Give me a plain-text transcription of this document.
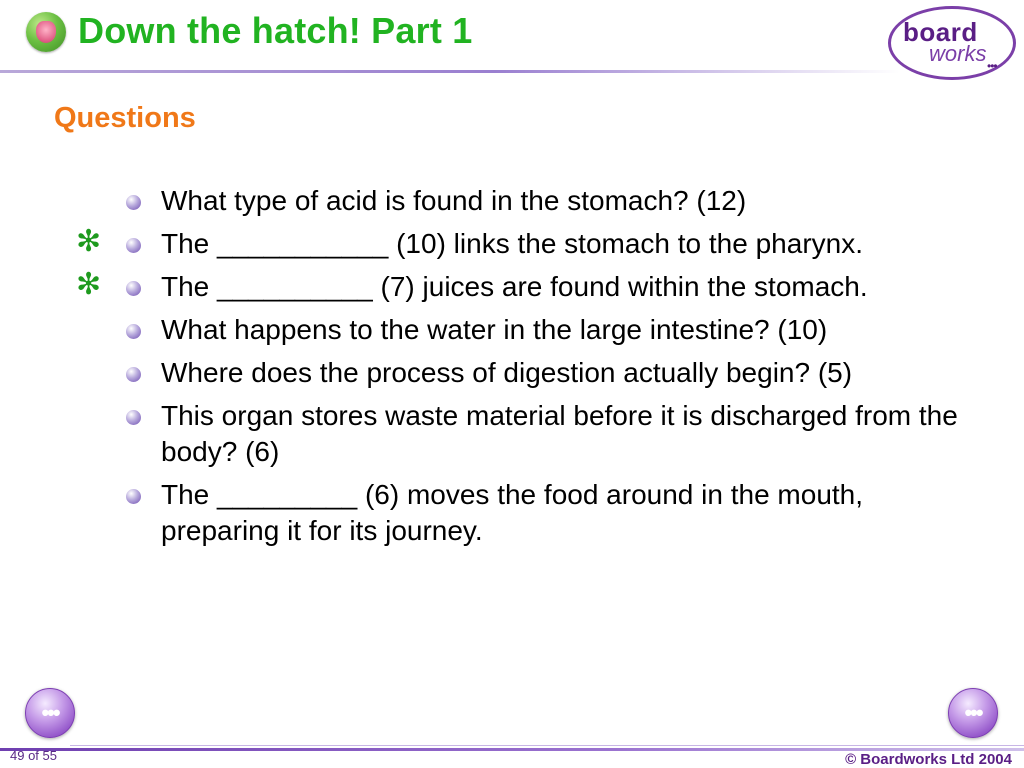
Down the hatch! Part 1	board
works •••
Questions
What type of acid is found in the stomach? (12)
✻ The ___________ (10) links the stomach to the pharynx.
✻ The __________ (7) juices are found within the stomach.
What happens to the water in the large intestine? (10)
Where does the process of digestion actually begin? (5)
This organ stores waste material before it is discharged from the body? (6)
The _________ (6) moves the food around in the mouth, preparing it for its journey.
•••	•••
49 of 55	© Boardworks Ltd 2004
